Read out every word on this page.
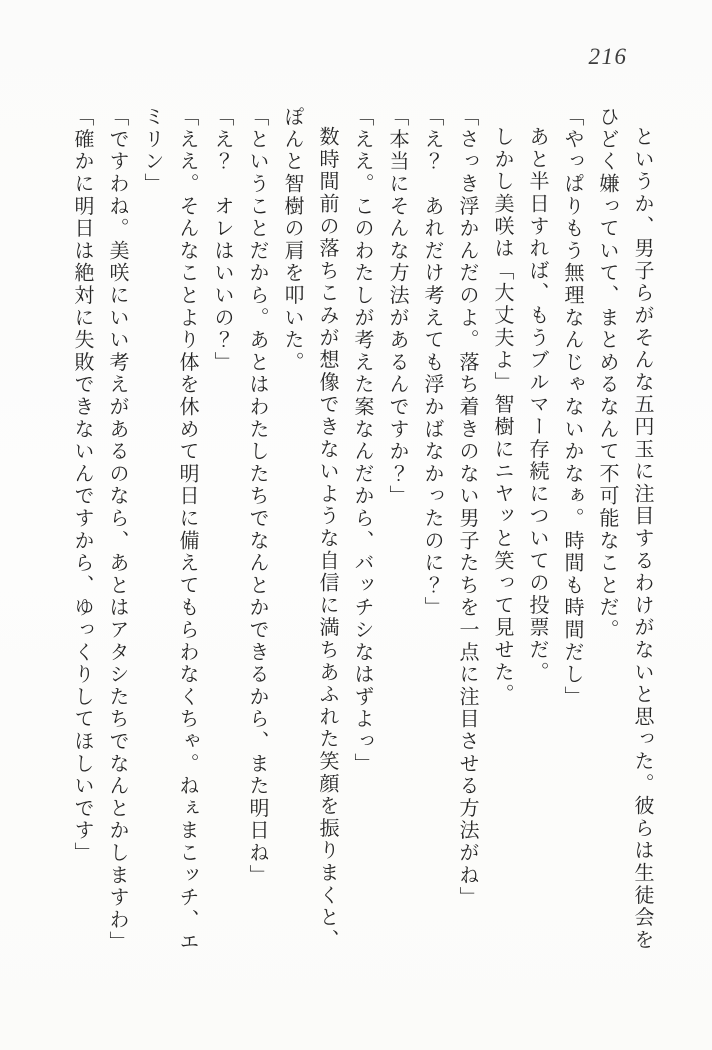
216

というか、男子らがそんな五円玉に注目するわけがないと思った。彼らは生徒会をひどく嫌っていて、まとめるなんて不可能なことだ。

「やっぱりもう無理なんじゃないかなぁ。時間も時間だし」

あと半日すれば、もうブルマー存続についての投票だ。

しかし美咲は「大丈夫よ」智樹にニヤッと笑って見せた。

「さっき浮かんだのよ。落ち着きのない男子たちを一点に注目させる方法がね」

「え？　あれだけ考えても浮かばなかったのに？」

「本当にそんな方法があるんですか？」

「ええ。このわたしが考えた案なんだから、バッチシなはずよっ」

数時間前の落ちこみが想像できないような自信に満ちあふれた笑顔を振りまくと、ぽんと智樹の肩を叩いた。

「ということだから。あとはわたしたちでなんとかできるから、また明日ね」

「え？　オレはいいの？」

「ええ。そんなことより体を休めて明日に備えてもらわなくちゃ。ねぇまこッチ、エミリン」

「ですわね。美咲にいい考えがあるのなら、あとはアタシたちでなんとかしますわ」

「確かに明日は絶対に失敗できないんですから、ゆっくりしてほしいです」
